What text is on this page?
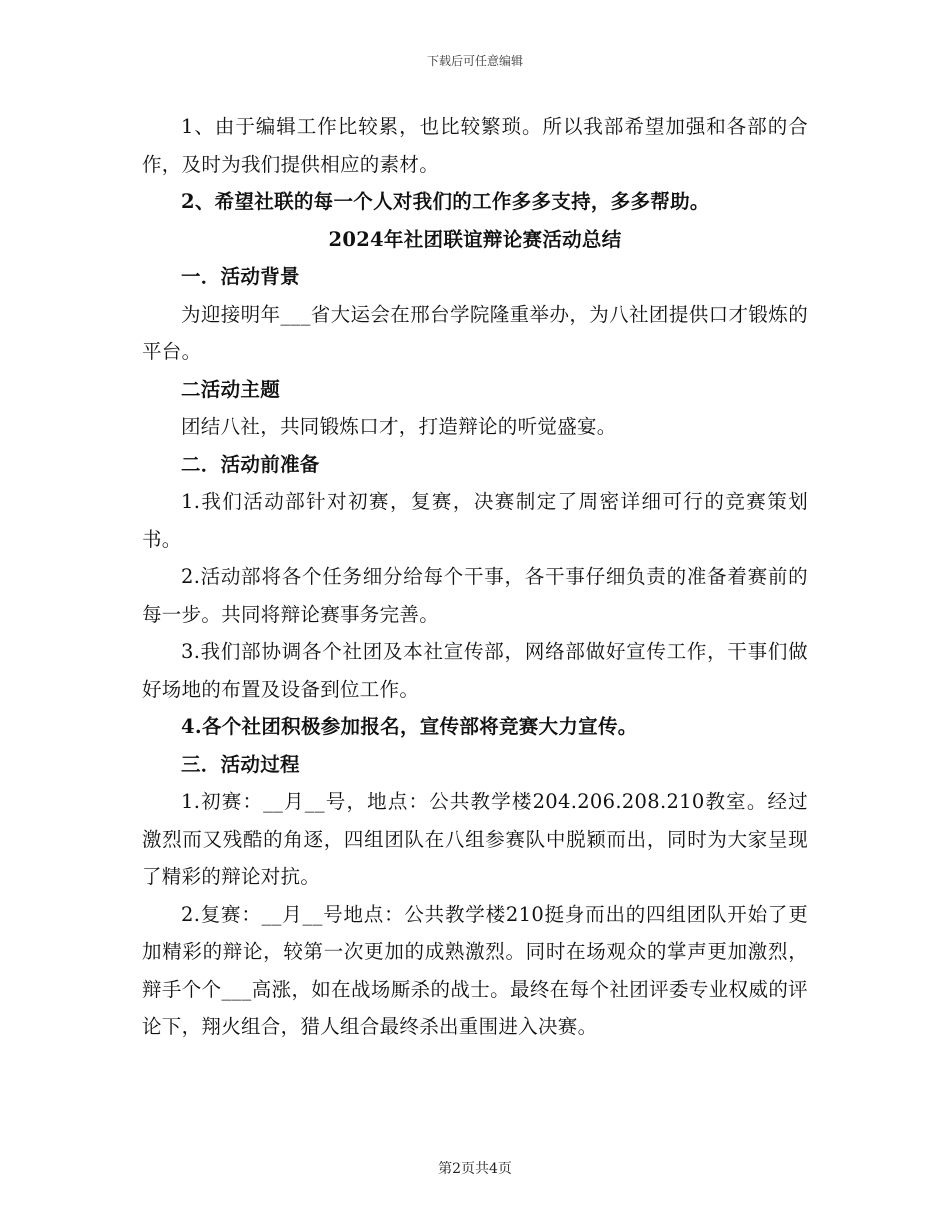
下载后可任意编辑

1、由于编辑工作比较累，也比较繁琐。所以我部希望加强和各部的合作，及时为我们提供相应的素材。

2、希望社联的每一个人对我们的工作多多支持，多多帮助。

2024年社团联谊辩论赛活动总结

一．活动背景

为迎接明年___省大运会在邢台学院隆重举办，为八社团提供口才锻炼的平台。

二活动主题

团结八社，共同锻炼口才，打造辩论的听觉盛宴。

二．活动前准备

1.我们活动部针对初赛，复赛，决赛制定了周密详细可行的竞赛策划书。

2.活动部将各个任务细分给每个干事，各干事仔细负责的准备着赛前的每一步。共同将辩论赛事务完善。

3.我们部协调各个社团及本社宣传部，网络部做好宣传工作，干事们做好场地的布置及设备到位工作。

4.各个社团积极参加报名，宣传部将竞赛大力宣传。

三．活动过程

1.初赛：__月__号，地点：公共教学楼204.206.208.210教室。经过激烈而又残酷的角逐，四组团队在八组参赛队中脱颖而出，同时为大家呈现了精彩的辩论对抗。

2.复赛：__月__号地点：公共教学楼210挺身而出的四组团队开始了更加精彩的辩论，较第一次更加的成熟激烈。同时在场观众的掌声更加激烈，辩手个个___高涨，如在战场厮杀的战士。最终在每个社团评委专业权威的评论下，翔火组合，猎人组合最终杀出重围进入决赛。

第2页共4页
